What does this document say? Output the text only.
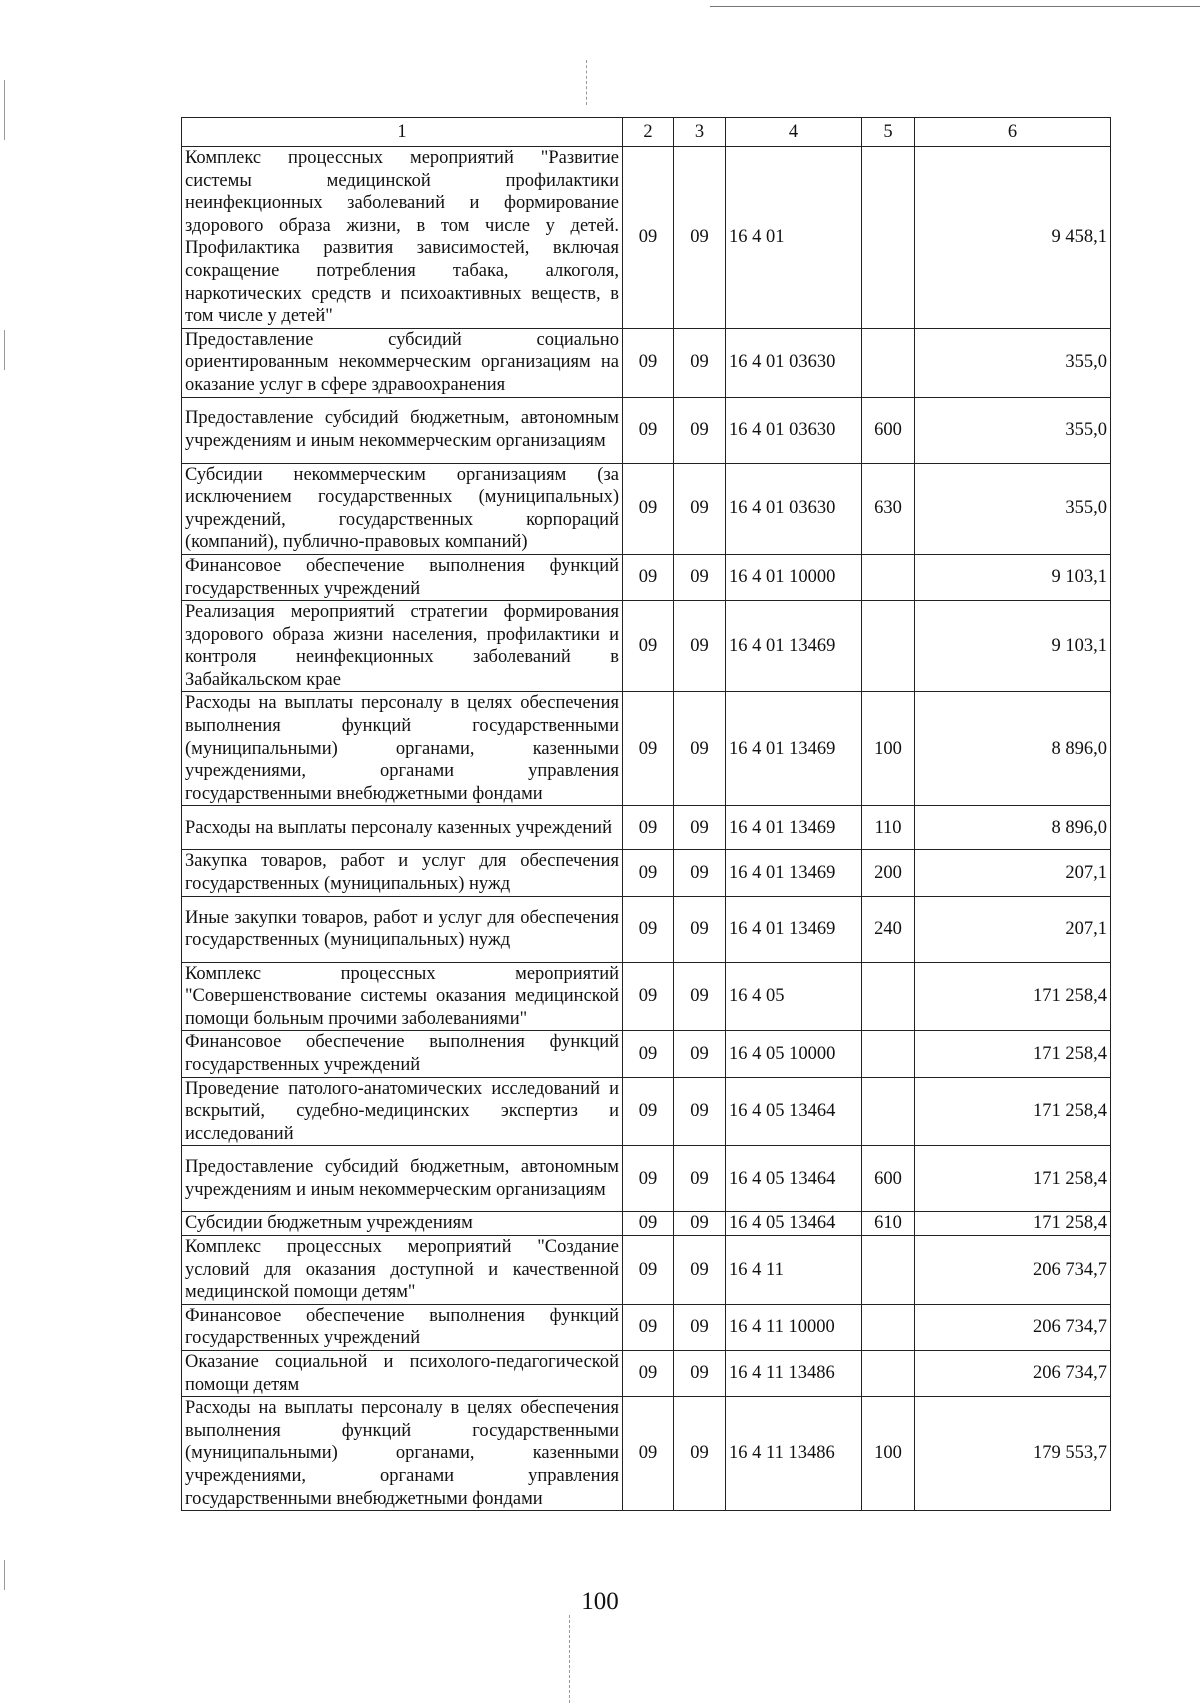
1	2	3	4	5	6
Комплекс процессных мероприятий "Развитие системы медицинской профилактики неинфекционных заболеваний и формирование здорового образа жизни, в том числе у детей. Профилактика развития зависимостей, включая сокращение потребления табака, алкоголя, наркотических средств и психоактивных веществ, в том числе у детей"	09	09	16 4 01		9 458,1
Предоставление субсидий социально ориентированным некоммерческим организациям на оказание услуг в сфере здравоохранения	09	09	16 4 01 03630		355,0
Предоставление субсидий бюджетным, автономным учреждениям и иным некоммерческим организациям	09	09	16 4 01 03630	600	355,0
Субсидии некоммерческим организациям (за исключением государственных (муниципальных) учреждений, государственных корпораций (компаний), публично-правовых компаний)	09	09	16 4 01 03630	630	355,0
Финансовое обеспечение выполнения функций государственных учреждений	09	09	16 4 01 10000		9 103,1
Реализация мероприятий стратегии формирования здорового образа жизни населения, профилактики и контроля неинфекционных заболеваний в Забайкальском крае	09	09	16 4 01 13469		9 103,1
Расходы на выплаты персоналу в целях обеспечения выполнения функций государственными (муниципальными) органами, казенными учреждениями, органами управления государственными внебюджетными фондами	09	09	16 4 01 13469	100	8 896,0
Расходы на выплаты персоналу казенных учреждений	09	09	16 4 01 13469	110	8 896,0
Закупка товаров, работ и услуг для обеспечения государственных (муниципальных) нужд	09	09	16 4 01 13469	200	207,1
Иные закупки товаров, работ и услуг для обеспечения государственных (муниципальных) нужд	09	09	16 4 01 13469	240	207,1
Комплекс процессных мероприятий "Совершенствование системы оказания медицинской помощи больным прочими заболеваниями"	09	09	16 4 05		171 258,4
Финансовое обеспечение выполнения функций государственных учреждений	09	09	16 4 05 10000		171 258,4
Проведение патолого-анатомических исследований и вскрытий, судебно-медицинских экспертиз и исследований	09	09	16 4 05 13464		171 258,4
Предоставление субсидий бюджетным, автономным учреждениям и иным некоммерческим организациям	09	09	16 4 05 13464	600	171 258,4
Субсидии бюджетным учреждениям	09	09	16 4 05 13464	610	171 258,4
Комплекс процессных мероприятий "Создание условий для оказания доступной и качественной медицинской помощи детям"	09	09	16 4 11		206 734,7
Финансовое обеспечение выполнения функций государственных учреждений	09	09	16 4 11 10000		206 734,7
Оказание социальной и психолого-педагогической помощи детям	09	09	16 4 11 13486		206 734,7
Расходы на выплаты персоналу в целях обеспечения выполнения функций государственными (муниципальными) органами, казенными учреждениями, органами управления государственными внебюджетными фондами	09	09	16 4 11 13486	100	179 553,7
100
